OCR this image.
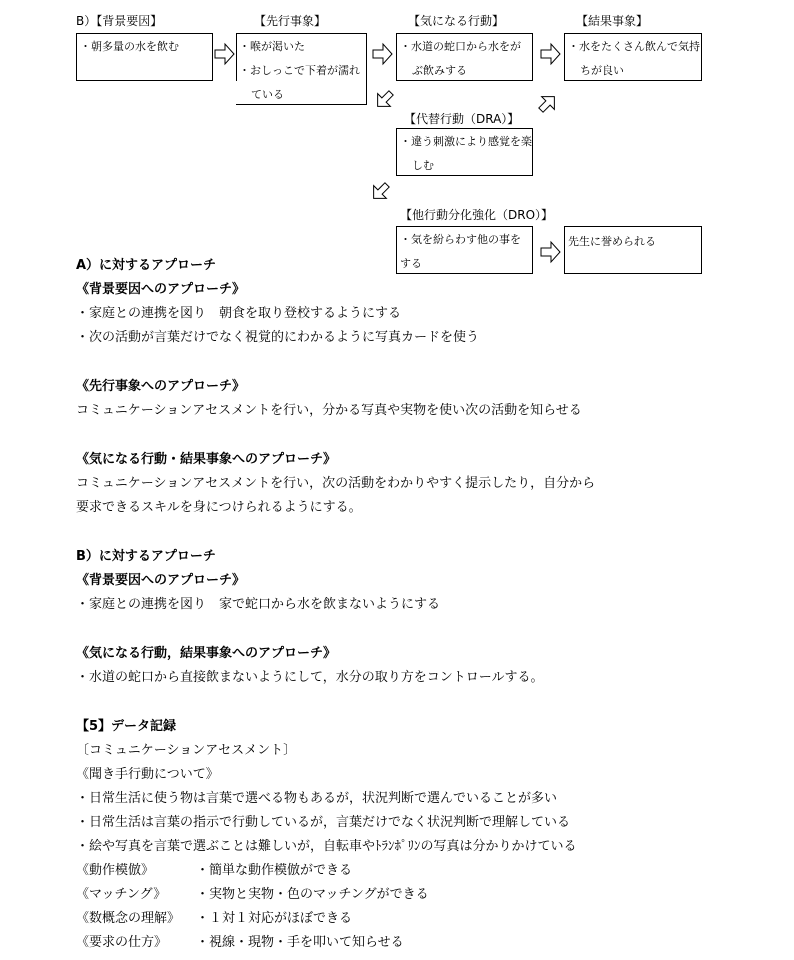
B）【背景要因】	【先行事象】	【気になる行動】	【結果事象】
・朝多量の水を飲む	・喉が渇いた
・おしっこで下着が濡れ
ている
・水道の蛇口から水をが
ぶ飲みする
・水をたくさん飲んで気持
ちが良い
【代替行動（DRA）】
・違う刺激により感覚を楽
しむ
【他行動分化強化（DRO）】
・気を紛らわす他の事を
する
先生に誉められる
A）に対するアプローチ
《背景要因へのアプローチ》
・家庭との連携を図り　朝食を取り登校するようにする
・次の活動が言葉だけでなく視覚的にわかるように写真カードを使う
《先行事象へのアプローチ》
コミュニケーションアセスメントを行い，分かる写真や実物を使い次の活動を知らせる
《気になる行動・結果事象へのアプローチ》
コミュニケーションアセスメントを行い，次の活動をわかりやすく提示したり，自分から
要求できるスキルを身につけられるようにする。
B）に対するアプローチ
《背景要因へのアプローチ》
・家庭との連携を図り　家で蛇口から水を飲まないようにする
《気になる行動，結果事象へのアプローチ》
・水道の蛇口から直接飲まないようにして，水分の取り方をコントロールする。
【5】データ記録
〔コミュニケーションアセスメント〕
《聞き手行動について》
・日常生活に使う物は言葉で選べる物もあるが，状況判断で選んでいることが多い
・日常生活は言葉の指示で行動しているが，言葉だけでなく状況判断で理解している
・絵や写真を言葉で選ぶことは難しいが，自転車やﾄﾗﾝﾎﾟﾘﾝの写真は分かりかけている
《動作模倣》	・簡単な動作模倣ができる
《マッチング》 ・実物と実物・色のマッチングができる
《数概念の理解》 ・１対１対応がほぼできる
《要求の仕方》 ・視線・現物・手を叩いて知らせる
